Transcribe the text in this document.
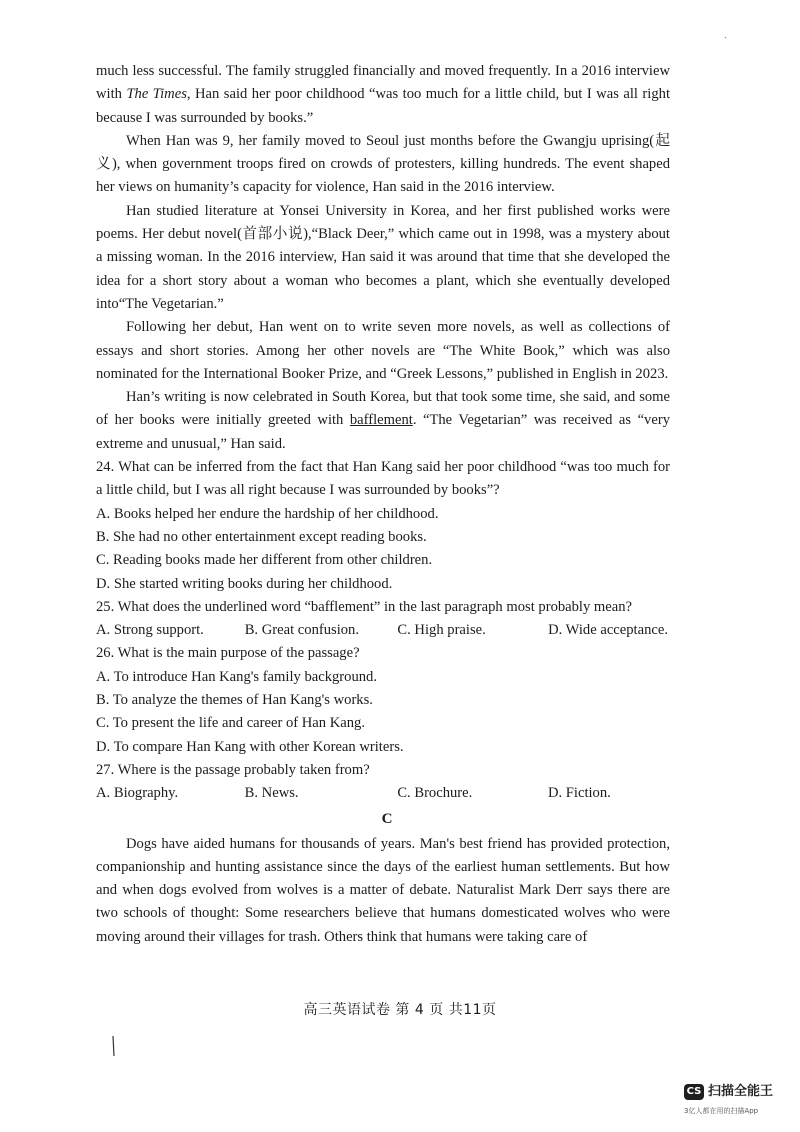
much less successful. The family struggled financially and moved frequently. In a 2016 interview with The Times, Han said her poor childhood “was too much for a little child, but I was all right because I was surrounded by books.”

When Han was 9, her family moved to Seoul just months before the Gwangju uprising(起义), when government troops fired on crowds of protesters, killing hundreds. The event shaped her views on humanity’s capacity for violence, Han said in the 2016 interview.

Han studied literature at Yonsei University in Korea, and her first published works were poems. Her debut novel(首部小说),“Black Deer,” which came out in 1998, was a mystery about a missing woman. In the 2016 interview, Han said it was around that time that she developed the idea for a short story about a woman who becomes a plant, which she eventually developed into“The Vegetarian.”

Following her debut, Han went on to write seven more novels, as well as collections of essays and short stories. Among her other novels are “The White Book,” which was also nominated for the International Booker Prize, and “Greek Lessons,” published in English in 2023.

Han’s writing is now celebrated in South Korea, but that took some time, she said, and some of her books were initially greeted with bafflement. “The Vegetarian” was received as “very extreme and unusual,” Han said.

24. What can be inferred from the fact that Han Kang said her poor childhood “was too much for a little child, but I was all right because I was surrounded by books”?

A. Books helped her endure the hardship of her childhood.

B. She had no other entertainment except reading books.

C. Reading books made her different from other children.

D. She started writing books during her childhood.

25. What does the underlined word “bafflement” in the last paragraph most probably mean?

A. Strong support.	B. Great confusion.	C. High praise.	D. Wide acceptance.

26. What is the main purpose of the passage?

A. To introduce Han Kang's family background.

B. To analyze the themes of Han Kang's works.

C. To present the life and career of Han Kang.

D. To compare Han Kang with other Korean writers.

27. Where is the passage probably taken from?

A. Biography.	B. News.	C. Brochure.	D. Fiction.
C

Dogs have aided humans for thousands of years. Man's best friend has provided protection, companionship and hunting assistance since the days of the earliest human settlements. But how and when dogs evolved from wolves is a matter of debate. Naturalist Mark Derr says there are two schools of thought: Some researchers believe that humans domesticated wolves who were moving around their villages for trash. Others think that humans were taking care of

高三英语试卷 第 4 页 共11页
CS 扫描全能王
3亿人都在用的扫描App
